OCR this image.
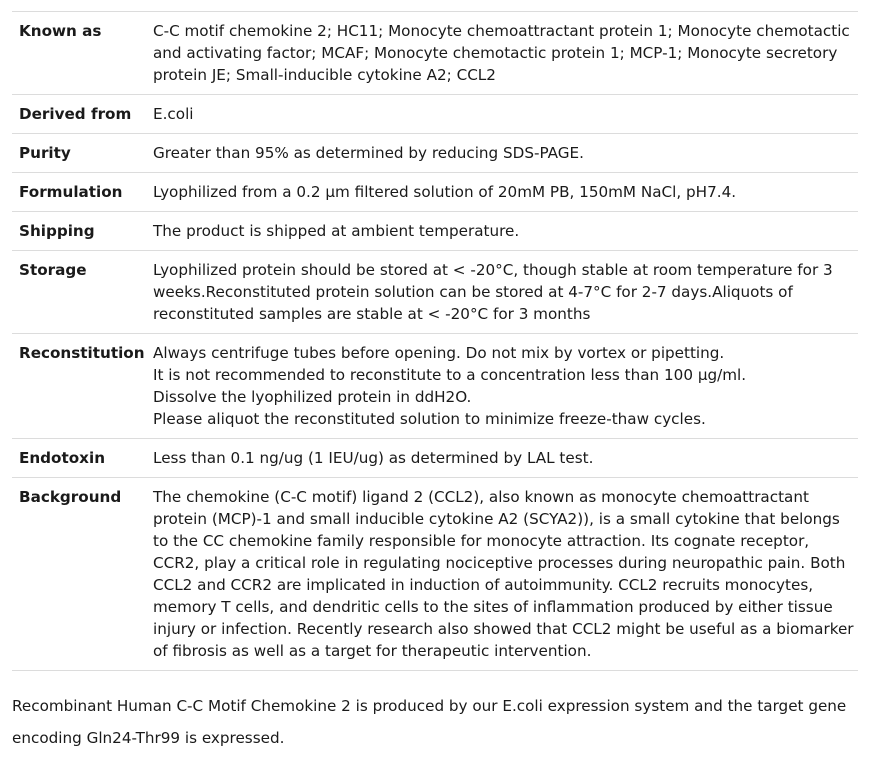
Known as	C-C motif chemokine 2; HC11; Monocyte chemoattractant protein 1; Monocyte chemotactic and activating factor; MCAF; Monocyte chemotactic protein 1; MCP-1; Monocyte secretory protein JE; Small-inducible cytokine A2; CCL2
Derived from	E.coli
Purity	Greater than 95% as determined by reducing SDS-PAGE.
Formulation	Lyophilized from a 0.2 μm filtered solution of 20mM PB, 150mM NaCl, pH7.4.
Shipping	The product is shipped at ambient temperature.
Storage	Lyophilized protein should be stored at < -20°C, though stable at room temperature for 3 weeks.Reconstituted protein solution can be stored at 4-7°C for 2-7 days.Aliquots of reconstituted samples are stable at < -20°C for 3 months
Reconstitution	Always centrifuge tubes before opening. Do not mix by vortex or pipetting.
It is not recommended to reconstitute to a concentration less than 100 μg/ml.
Dissolve the lyophilized protein in ddH2O.
Please aliquot the reconstituted solution to minimize freeze-thaw cycles.

Endotoxin	Less than 0.1 ng/ug (1 IEU/ug) as determined by LAL test.
Background	The chemokine (C-C motif) ligand 2 (CCL2), also known as monocyte chemoattractant protein (MCP)-1 and small inducible cytokine A2 (SCYA2)), is a small cytokine that belongs to the CC chemokine family responsible for monocyte attraction. Its cognate receptor, CCR2, play a critical role in regulating nociceptive processes during neuropathic pain. Both CCL2 and CCR2 are implicated in induction of autoimmunity. CCL2 recruits monocytes, memory T cells, and dendritic cells to the sites of inflammation produced by either tissue injury or infection. Recently research also showed that CCL2 might be useful as a biomarker of fibrosis as well as a target for therapeutic intervention.

Recombinant Human C-C Motif Chemokine 2 is produced by our E.coli expression system and the target gene encoding Gln24-Thr99 is expressed.
